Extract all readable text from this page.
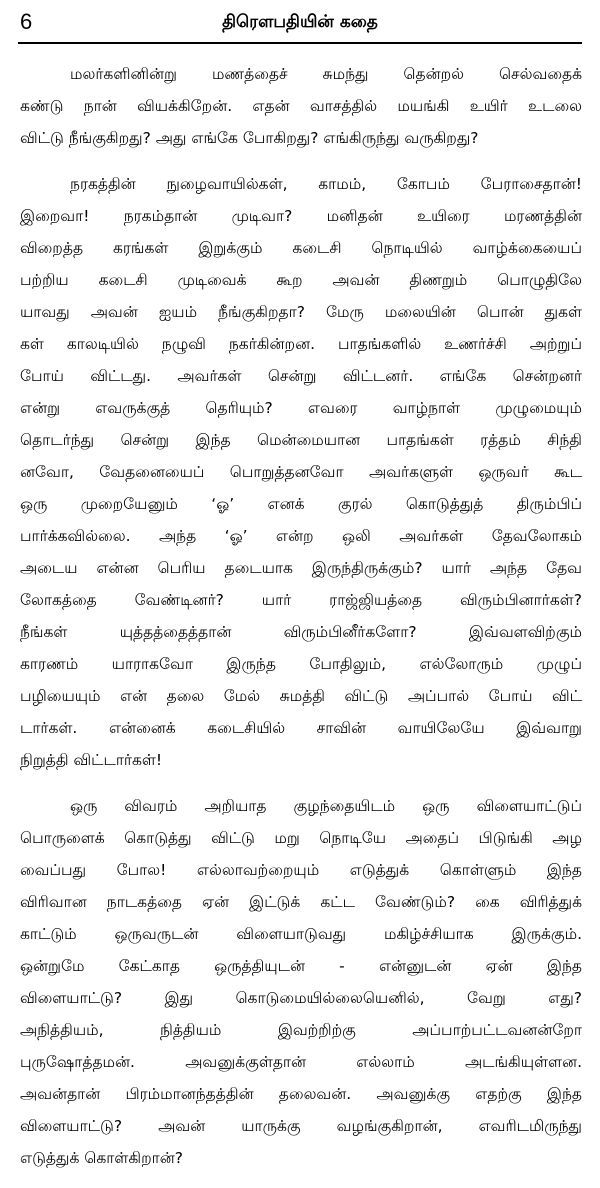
6	திரௌபதியின் கதை
மலர்களினின்று மணத்தைச் சுமந்து தென்றல் செல்வதைக்
கண்டு நான் வியக்கிறேன். எதன் வாசத்தில் மயங்கி உயிர் உடலை
விட்டு நீங்குகிறது? அது எங்கே போகிறது? எங்கிருந்து வருகிறது?
நரகத்தின் நுழைவாயில்கள், காமம், கோபம் பேராசைதான்!
இறைவா! நரகம்தான் முடிவா? மனிதன் உயிரை மரணத்தின்
விறைத்த கரங்கள் இறுக்கும் கடைசி நொடியில் வாழ்க்கையைப்
பற்றிய கடைசி முடிவைக் கூற அவன் திணறும் பொழுதிலே
யாவது அவன் ஐயம் நீங்குகிறதா? மேரு மலையின் பொன் துகள்
கள் காலடியில் நழுவி நகர்கின்றன. பாதங்களில் உணர்ச்சி அற்றுப்
போய் விட்டது. அவர்கள் சென்று விட்டனர். எங்கே சென்றனர்
என்று எவருக்குத் தெரியும்? எவரை வாழ்நாள் முழுமையும்
தொடர்ந்து சென்று இந்த மென்மையான பாதங்கள் ரத்தம் சிந்தி
னவோ, வேதனையைப் பொறுத்தனவோ அவர்களுள் ஒருவர் கூட
ஒரு முறையேனும் ‘ஓ’ எனக் குரல் கொடுத்துத் திரும்பிப்
பார்க்கவில்லை. அந்த ‘ஓ’ என்ற ஒலி அவர்கள் தேவலோகம்
அடைய என்ன பெரிய தடையாக இருந்திருக்கும்? யார் அந்த தேவ
லோகத்தை வேண்டினர்? யார் ராஜ்ஜியத்தை விரும்பினார்கள்?
நீங்கள் யுத்தத்தைத்தான் விரும்பினீர்களோ? இவ்வளவிற்கும்
காரணம் யாராகவோ இருந்த போதிலும், எல்லோரும் முழுப்
பழியையும் என் தலை மேல் சுமத்தி விட்டு அப்பால் போய் விட்
டார்கள். என்னைக் கடைசியில் சாவின் வாயிலேயே இவ்வாறு
நிறுத்தி விட்டார்கள்!
ஒரு விவரம் அறியாத குழந்தையிடம் ஒரு விளையாட்டுப்
பொருளைக் கொடுத்து விட்டு மறு நொடியே அதைப் பிடுங்கி அழ
வைப்பது போல! எல்லாவற்றையும் எடுத்துக் கொள்ளும் இந்த
விரிவான நாடகத்தை ஏன் இட்டுக் கட்ட வேண்டும்? கை விரித்துக்
காட்டும் ஒருவருடன் விளையாடுவது மகிழ்ச்சியாக இருக்கும்.
ஒன்றுமே கேட்காத ஒருத்தியுடன் - என்னுடன் ஏன் இந்த
விளையாட்டு? இது கொடுமையில்லையெனில், வேறு எது?
அநித்தியம், நித்தியம் இவற்றிற்கு அப்பாற்பட்டவனன்றோ
புருஷோத்தமன். அவனுக்குள்தான் எல்லாம் அடங்கியுள்ளன.
அவன்தான் பிரம்மானந்தத்தின் தலைவன். அவனுக்கு எதற்கு இந்த
விளையாட்டு? அவன் யாருக்கு வழங்குகிறான், எவரிடமிருந்து
எடுத்துக் கொள்கிறான்?
